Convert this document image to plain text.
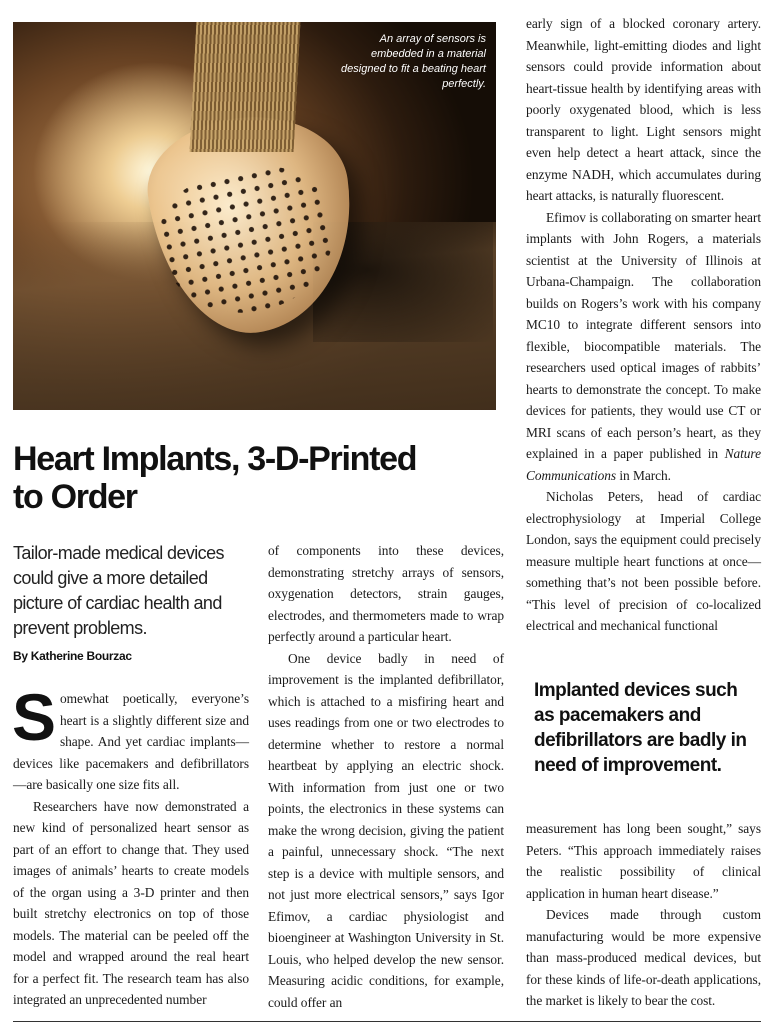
An array of sensors is embedded in a material designed to fit a beating heart perfectly.
Heart Implants, 3-D-Printed to Order

Tailor-made medical devices could give a more detailed picture of cardiac health and prevent problems.

By Katherine Bourzac

Somewhat poetically, everyone’s heart is a slightly different size and shape. And yet cardiac implants—devices like pacemakers and defibrillators—are basically one size fits all.

Researchers have now demonstrated a new kind of personalized heart sensor as part of an effort to change that. They used images of animals’ hearts to create models of the organ using a 3-D printer and then built stretchy electronics on top of those models. The material can be peeled off the model and wrapped around the real heart for a perfect fit. The research team has also integrated an unprecedented number

of components into these devices, demonstrating stretchy arrays of sensors, oxygenation detectors, strain gauges, electrodes, and thermometers made to wrap perfectly around a particular heart.

One device badly in need of improvement is the implanted defibrillator, which is attached to a misfiring heart and uses readings from one or two electrodes to determine whether to restore a normal heartbeat by applying an electric shock. With information from just one or two points, the electronics in these systems can make the wrong decision, giving the patient a painful, unnecessary shock. “The next step is a device with multiple sensors, and not just more electrical sensors,” says Igor Efimov, a cardiac physiologist and bioengineer at Washington University in St. Louis, who helped develop the new sensor. Measuring acidic conditions, for example, could offer an

early sign of a blocked coronary artery. Meanwhile, light-emitting diodes and light sensors could provide information about heart-tissue health by identifying areas with poorly oxygenated blood, which is less transparent to light. Light sensors might even help detect a heart attack, since the enzyme NADH, which accumulates during heart attacks, is naturally fluorescent.

Efimov is collaborating on smarter heart implants with John Rogers, a materials scientist at the University of Illinois at Urbana-Champaign. The collaboration builds on Rogers’s work with his company MC10 to integrate different sensors into flexible, biocompatible materials. The researchers used optical images of rabbits’ hearts to demonstrate the concept. To make devices for patients, they would use CT or MRI scans of each person’s heart, as they explained in a paper published in Nature Communications in March.

Nicholas Peters, head of cardiac electrophysiology at Imperial College London, says the equipment could precisely measure multiple heart functions at once—something that’s not been possible before. “This level of precision of co-localized electrical and mechanical functional

Implanted devices such as pacemakers and defibrillators are badly in need of improvement.

measurement has long been sought,” says Peters. “This approach immediately raises the realistic possibility of clinical application in human heart disease.”

Devices made through custom manufacturing would be more expensive than mass-produced medical devices, but for these kinds of life-or-death applications, the market is likely to bear the cost.
